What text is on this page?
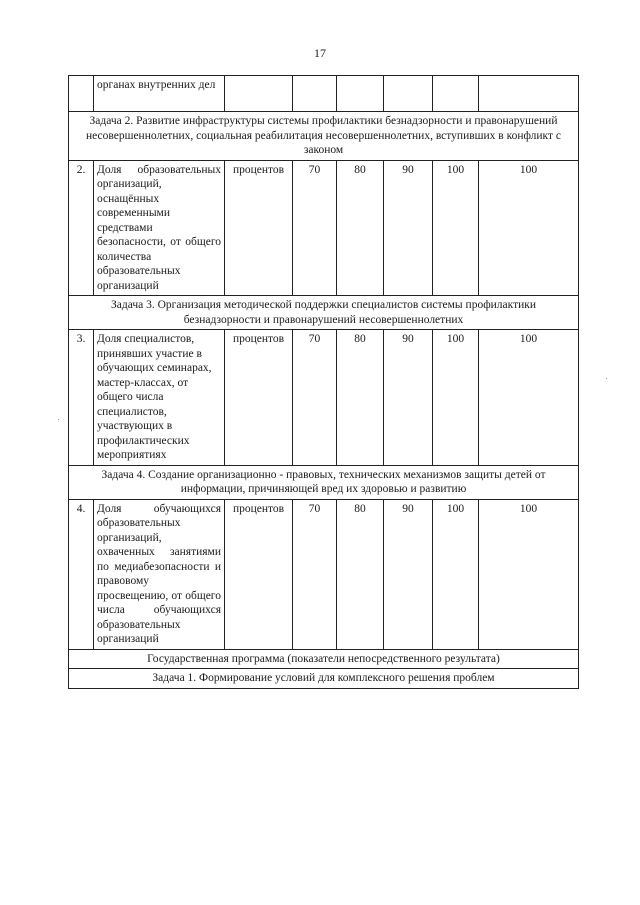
17
	органах внутренних дел						
Задача 2. Развитие инфраструктуры системы профилактики безнадзорности и правонарушений несовершеннолетних, социальная реабилитация несовершеннолетних, вступивших в конфликт с законом							
2.	Доля образовательных организаций, оснащённых современными средствами безопасности, от общего количества образовательных организаций	процентов	70	80	90	100	100
Задача 3. Организация методической поддержки специалистов системы профилактики безнадзорности и правонарушений несовершеннолетних							
3.	Доля специалистов, принявших участие в обучающих семинарах, мастер-классах, от общего числа специалистов, участвующих в профилактических мероприятиях	процентов	70	80	90	100	100
Задача 4. Создание организационно - правовых, технических механизмов защиты детей от информации, причиняющей вред их здоровью и развитию							
4.	Доля обучающихся образовательных организаций, охваченных занятиями по медиабезопасности и правовому просвещению, от общего числа обучающихся образовательных организаций	процентов	70	80	90	100	100
Государственная программа (показатели непосредственного результата)							
Задача 1. Формирование условий для комплексного решения проблем							
